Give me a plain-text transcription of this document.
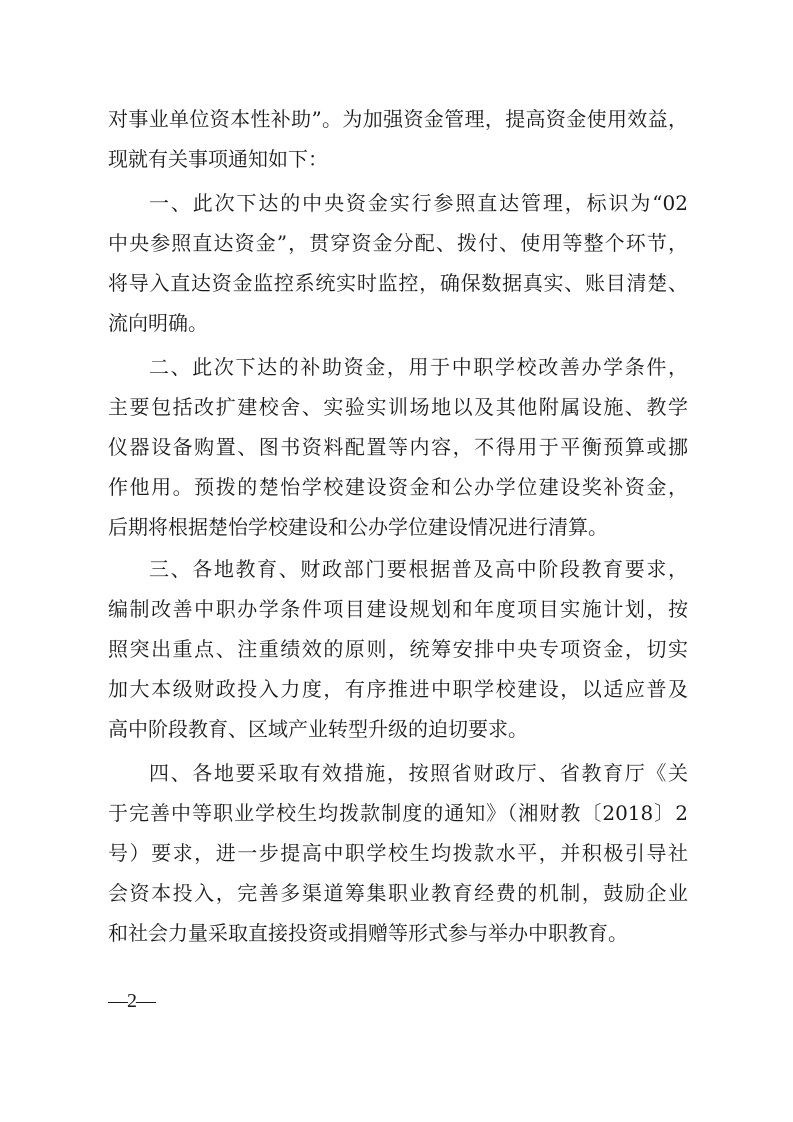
对事业单位资本性补助”。为加强资金管理，提高资金使用效益，
现就有关事项通知如下：
一、此次下达的中央资金实行参照直达管理，标识为“02
中央参照直达资金”，贯穿资金分配、拨付、使用等整个环节，
将导入直达资金监控系统实时监控，确保数据真实、账目清楚、
流向明确。
二、此次下达的补助资金，用于中职学校改善办学条件，
主要包括改扩建校舍、实验实训场地以及其他附属设施、教学
仪器设备购置、图书资料配置等内容，不得用于平衡预算或挪
作他用。预拨的楚怡学校建设资金和公办学位建设奖补资金，
后期将根据楚怡学校建设和公办学位建设情况进行清算。
三、各地教育、财政部门要根据普及高中阶段教育要求，
编制改善中职办学条件项目建设规划和年度项目实施计划，按
照突出重点、注重绩效的原则，统筹安排中央专项资金，切实
加大本级财政投入力度，有序推进中职学校建设，以适应普及
高中阶段教育、区域产业转型升级的迫切要求。
四、各地要采取有效措施，按照省财政厅、省教育厅《关
于完善中等职业学校生均拨款制度的通知》（湘财教〔2018〕2
号）要求，进一步提高中职学校生均拨款水平，并积极引导社
会资本投入，完善多渠道筹集职业教育经费的机制，鼓励企业
和社会力量采取直接投资或捐赠等形式参与举办中职教育。
—2—
